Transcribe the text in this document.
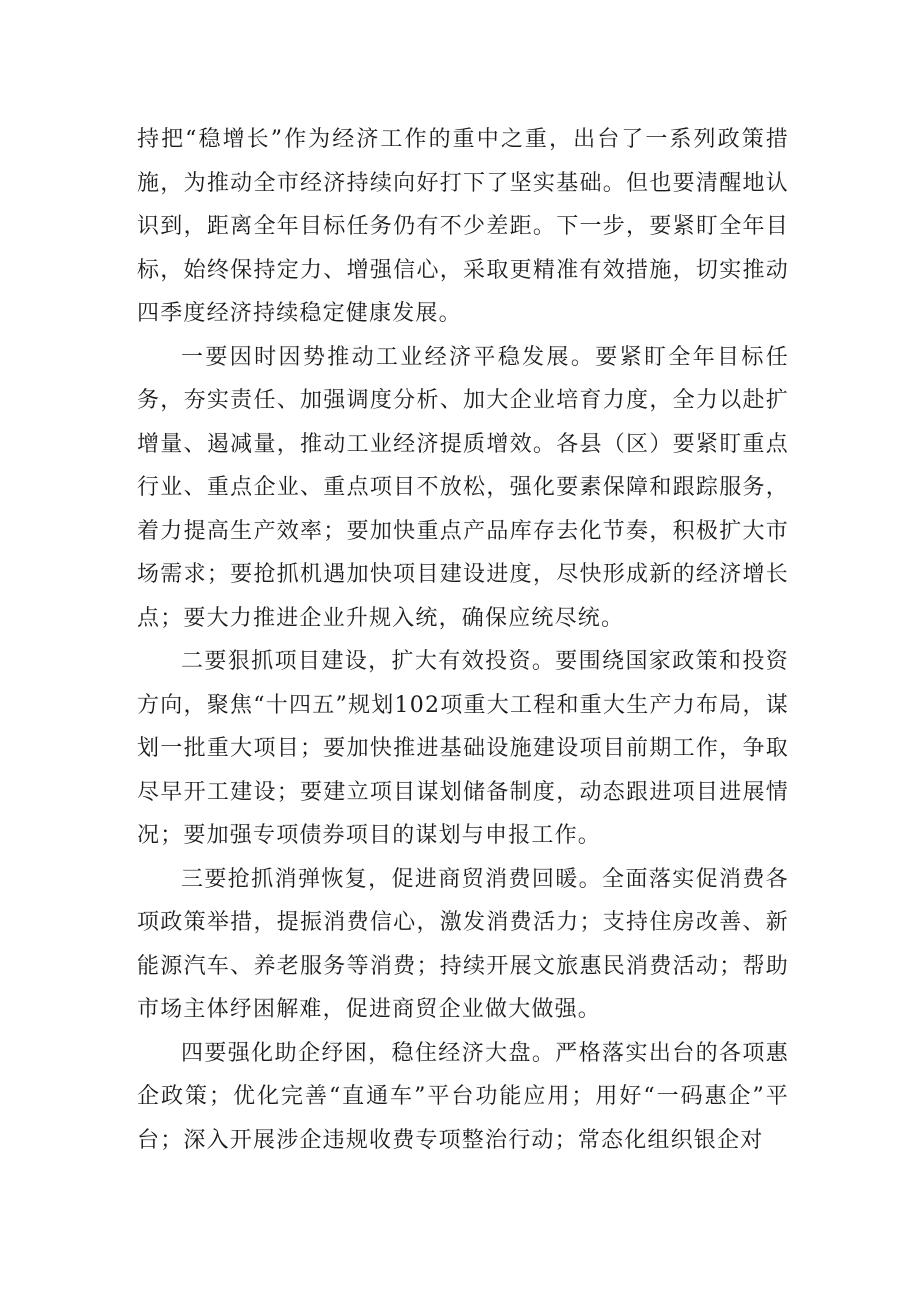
持把“稳增长”作为经济工作的重中之重，出台了一系列政策措施，为推动全市经济持续向好打下了坚实基础。但也要清醒地认识到，距离全年目标任务仍有不少差距。下一步，要紧盯全年目标，始终保持定力、增强信心，采取更精准有效措施，切实推动四季度经济持续稳定健康发展。

一要因时因势推动工业经济平稳发展。要紧盯全年目标任务，夯实责任、加强调度分析、加大企业培育力度，全力以赴扩增量、遏减量，推动工业经济提质增效。各县（区）要紧盯重点行业、重点企业、重点项目不放松，强化要素保障和跟踪服务，着力提高生产效率；要加快重点产品库存去化节奏，积极扩大市场需求；要抢抓机遇加快项目建设进度，尽快形成新的经济增长点；要大力推进企业升规入统，确保应统尽统。

二要狠抓项目建设，扩大有效投资。要围绕国家政策和投资方向，聚焦“十四五”规划102项重大工程和重大生产力布局，谋划一批重大项目；要加快推进基础设施建设项目前期工作，争取尽早开工建设；要建立项目谋划储备制度，动态跟进项目进展情况；要加强专项债券项目的谋划与申报工作。

三要抢抓消弹恢复，促进商贸消费回暖。全面落实促消费各项政策举措，提振消费信心，激发消费活力；支持住房改善、新能源汽车、养老服务等消费；持续开展文旅惠民消费活动；帮助市场主体纾困解难，促进商贸企业做大做强。

四要强化助企纾困，稳住经济大盘。严格落实出台的各项惠企政策；优化完善“直通车”平台功能应用；用好“一码惠企”平台；深入开展涉企违规收费专项整治行动；常态化组织银企对
